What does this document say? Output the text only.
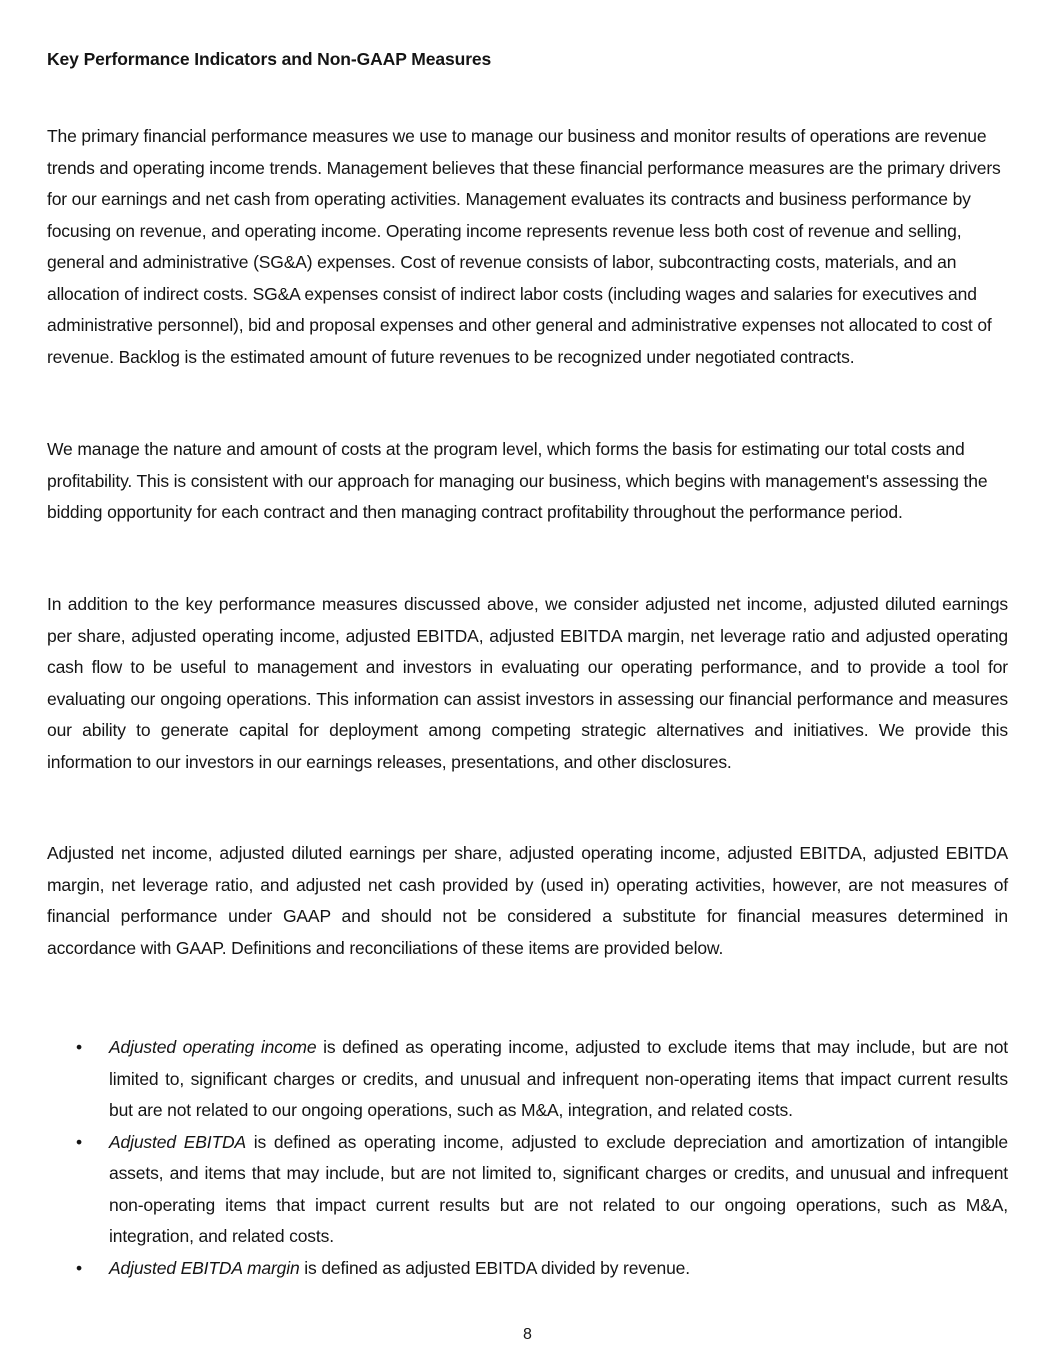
Key Performance Indicators and Non-GAAP Measures

The primary financial performance measures we use to manage our business and monitor results of operations are revenue trends and operating income trends. Management believes that these financial performance measures are the primary drivers for our earnings and net cash from operating activities. Management evaluates its contracts and business performance by focusing on revenue, and operating income. Operating income represents revenue less both cost of revenue and selling, general and administrative (SG&A) expenses. Cost of revenue consists of labor, subcontracting costs, materials, and an allocation of indirect costs. SG&A expenses consist of indirect labor costs (including wages and salaries for executives and administrative personnel), bid and proposal expenses and other general and administrative expenses not allocated to cost of revenue. Backlog is the estimated amount of future revenues to be recognized under negotiated contracts.

We manage the nature and amount of costs at the program level, which forms the basis for estimating our total costs and profitability. This is consistent with our approach for managing our business, which begins with management's assessing the bidding opportunity for each contract and then managing contract profitability throughout the performance period.

In addition to the key performance measures discussed above, we consider adjusted net income, adjusted diluted earnings per share, adjusted operating income, adjusted EBITDA, adjusted EBITDA margin, net leverage ratio and adjusted operating cash flow to be useful to management and investors in evaluating our operating performance, and to provide a tool for evaluating our ongoing operations. This information can assist investors in assessing our financial performance and measures our ability to generate capital for deployment among competing strategic alternatives and initiatives. We provide this information to our investors in our earnings releases, presentations, and other disclosures.

Adjusted net income, adjusted diluted earnings per share, adjusted operating income, adjusted EBITDA, adjusted EBITDA margin, net leverage ratio, and adjusted net cash provided by (used in) operating activities, however, are not measures of financial performance under GAAP and should not be considered a substitute for financial measures determined in accordance with GAAP. Definitions and reconciliations of these items are provided below.

• Adjusted operating income is defined as operating income, adjusted to exclude items that may include, but are not limited to, significant charges or credits, and unusual and infrequent non-operating items that impact current results but are not related to our ongoing operations, such as M&A, integration, and related costs.
• Adjusted EBITDA is defined as operating income, adjusted to exclude depreciation and amortization of intangible assets, and items that may include, but are not limited to, significant charges or credits, and unusual and infrequent non-operating items that impact current results but are not related to our ongoing operations, such as M&A, integration, and related costs.
• Adjusted EBITDA margin is defined as adjusted EBITDA divided by revenue.
8
